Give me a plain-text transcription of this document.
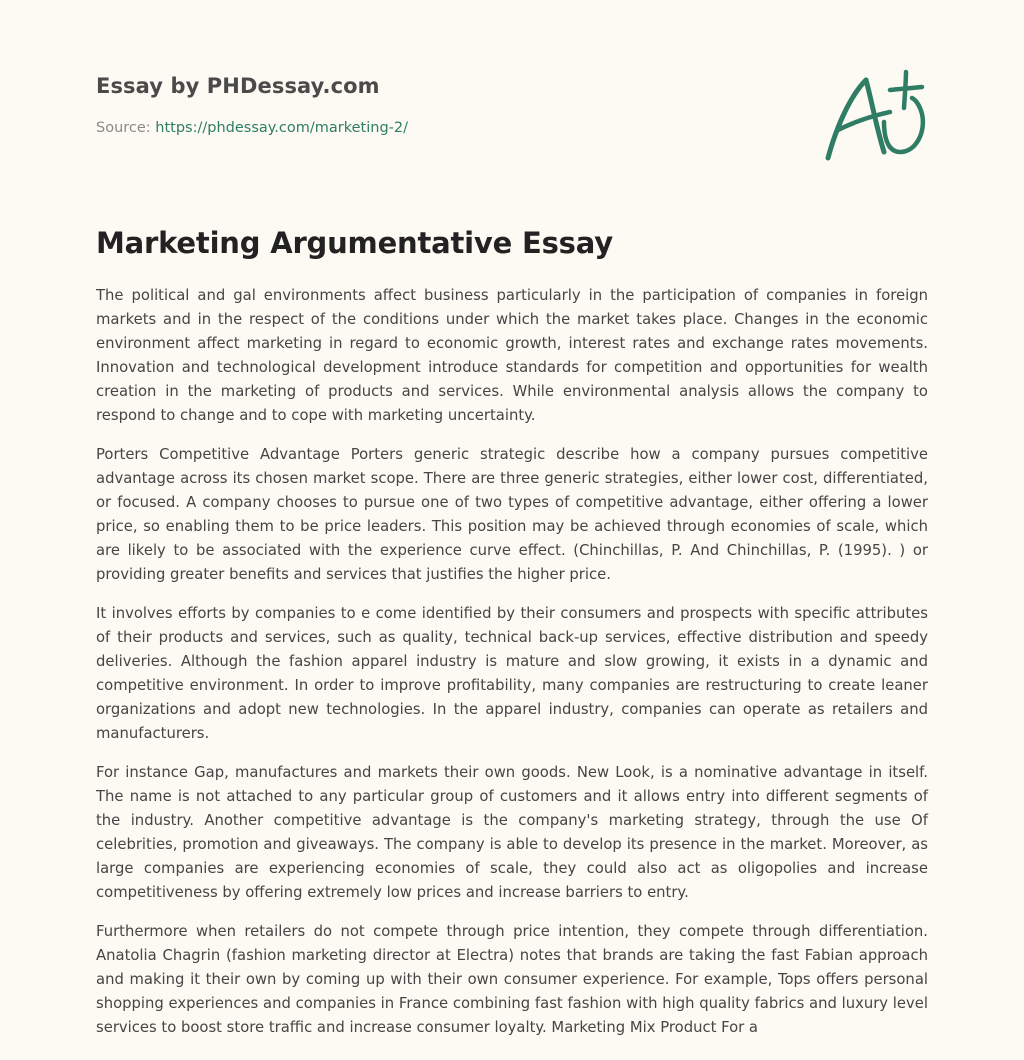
Essay by PHDessay.com
Source: https://phdessay.com/marketing-2/
Marketing Argumentative Essay

The political and gal environments affect business particularly in the participation of companies in foreign markets and in the respect of the conditions under which the market takes place. Changes in the economic environment affect marketing in regard to economic growth, interest rates and exchange rates movements. Innovation and technological development introduce standards for competition and opportunities for wealth creation in the marketing of products and services. While environmental analysis allows the company to respond to change and to cope with marketing uncertainty.

Porters Competitive Advantage Porters generic strategic describe how a company pursues competitive advantage across its chosen market scope. There are three generic strategies, either lower cost, differentiated, or focused. A company chooses to pursue one of two types of competitive advantage, either offering a lower price, so enabling them to be price leaders. This position may be achieved through economies of scale, which are likely to be associated with the experience curve effect. (Chinchillas, P. And Chinchillas, P. (1995). ) or providing greater benefits and services that justifies the higher price.

It involves efforts by companies to e come identified by their consumers and prospects with specific attributes of their products and services, such as quality, technical back-up services, effective distribution and speedy deliveries. Although the fashion apparel industry is mature and slow growing, it exists in a dynamic and competitive environment. In order to improve profitability, many companies are restructuring to create leaner organizations and adopt new technologies. In the apparel industry, companies can operate as retailers and manufacturers.

For instance Gap, manufactures and markets their own goods. New Look, is a nominative advantage in itself. The name is not attached to any particular group of customers and it allows entry into different segments of the industry. Another competitive advantage is the company's marketing strategy, through the use Of celebrities, promotion and giveaways. The company is able to develop its presence in the market. Moreover, as large companies are experiencing economies of scale, they could also act as oligopolies and increase competitiveness by offering extremely low prices and increase barriers to entry.

Furthermore when retailers do not compete through price intention, they compete through differentiation. Anatolia Chagrin (fashion marketing director at Electra) notes that brands are taking the fast Fabian approach and making it their own by coming up with their own consumer experience. For example, Tops offers personal shopping experiences and companies in France combining fast fashion with high quality fabrics and luxury level services to boost store traffic and increase consumer loyalty. Marketing Mix Product For a
